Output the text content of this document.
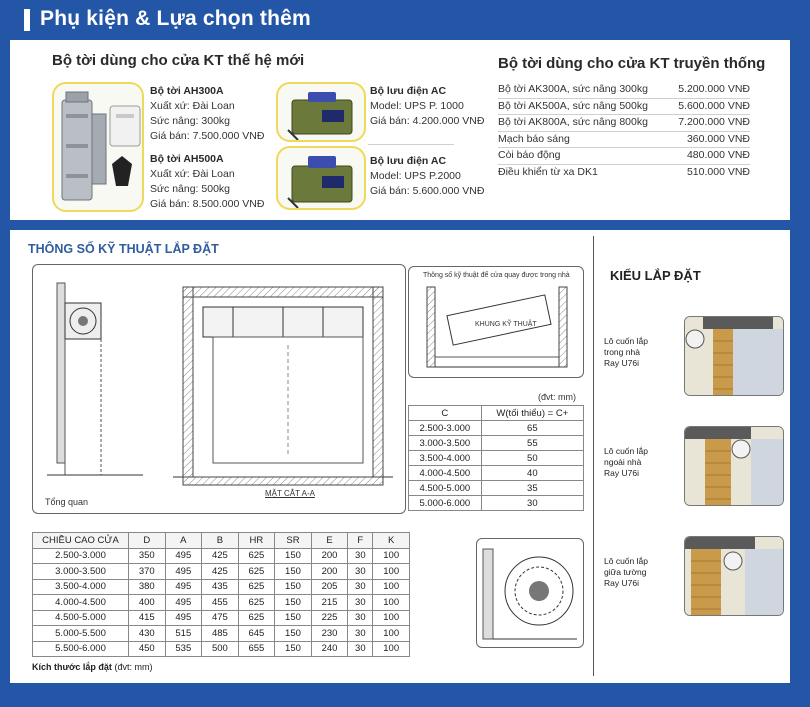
Phụ kiện & Lựa chọn thêm
Bộ tời dùng cho cửa KT thế hệ mới	Bộ tời dùng cho cửa KT truyền thống
Bộ tời AH300A
Xuất xứ: Đài Loan
Sức nâng: 300kg
Giá bán: 7.500.000 VNĐ
Bộ tời AH500A
Xuất xứ: Đài Loan
Sức nâng: 500kg
Giá bán: 8.500.000 VNĐ
Bộ lưu điện AC
Model: UPS P. 1000
Giá bán: 4.200.000 VNĐ
Bộ lưu điện AC
Model: UPS P.2000
Giá bán: 5.600.000 VNĐ
Bộ tời AK300A, sức nâng 300kg	5.200.000 VNĐ
Bộ tời AK500A, sức nâng 500kg	5.600.000 VNĐ
Bộ tời AK800A, sức nâng 800kg	7.200.000 VNĐ
Mạch báo sáng	360.000 VNĐ
Còi báo động	480.000 VNĐ
Điều khiển từ xa DK1	510.000 VNĐ
THÔNG SỐ KỸ THUẬT LẮP ĐẶT
Tổng quan
MẶT CẮT A-A
Thông số kỹ thuật để cửa quay được trong nhà
KHUNG KỸ THUẬT
(đvt: mm)
C	W(tối thiểu) = C+
2.500-3.000	65
3.000-3.500	55
3.500-4.000	50
4.000-4.500	40
4.500-5.000	35
5.000-6.000	30
CHIỀU CAO CỬA	D	A	B	HR	SR	E	F	K
2.500-3.000	350	495	425	625	150	200	30	100
3.000-3.500	370	495	425	625	150	200	30	100
3.500-4.000	380	495	435	625	150	205	30	100
4.000-4.500	400	495	455	625	150	215	30	100
4.500-5.000	415	495	475	625	150	225	30	100
5.000-5.500	430	515	485	645	150	230	30	100
5.500-6.000	450	535	500	655	150	240	30	100
Kích thước lắp đặt (đvt: mm)
KIỂU LẮP ĐẶT
Lô cuốn lắp
trong nhà
Ray U76i
Lô cuốn lắp
ngoài nhà
Ray U76i
Lô cuốn lắp
giữa tường
Ray U76i
